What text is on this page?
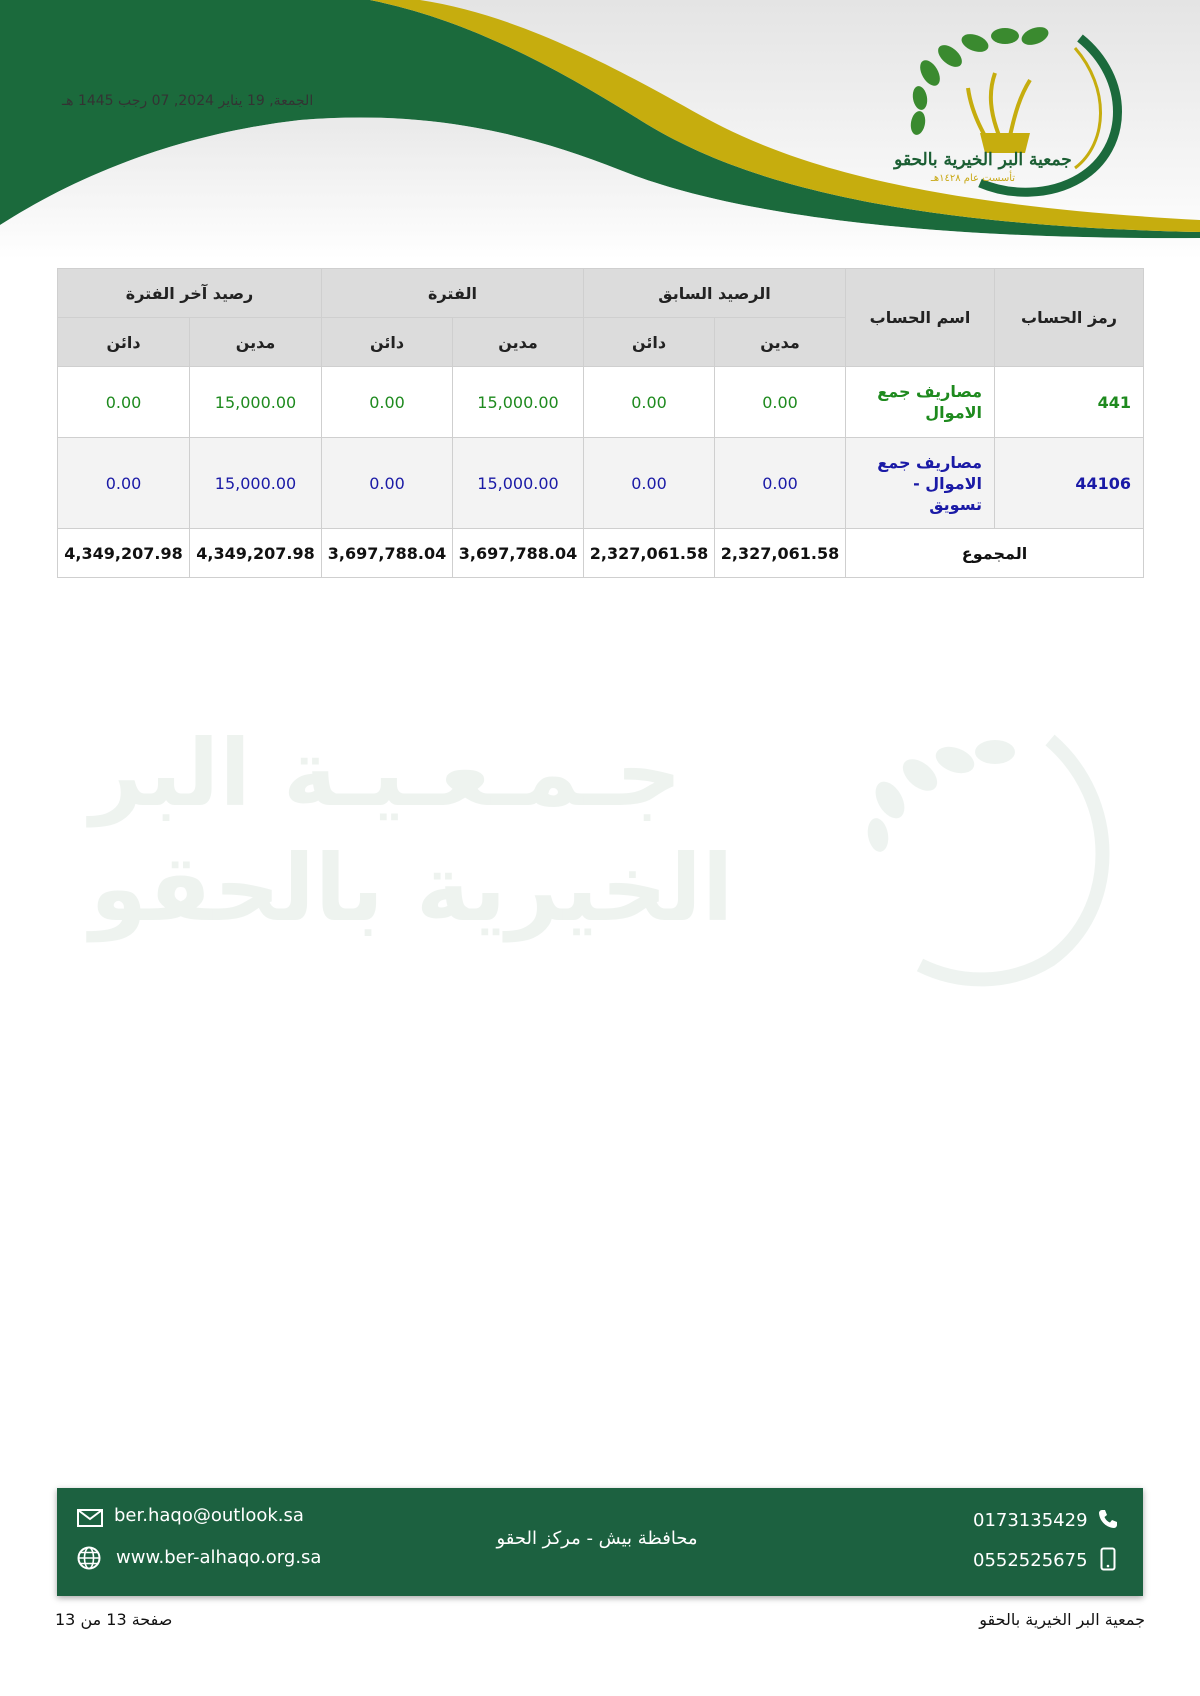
الجمعة, 19 يناير 2024, 07 رجب 1445 هـ
جمعية البر الخيرية بالحقو
تأسست عام ١٤٢٨هـ
جـمـعـيـة البر
الخيرية بالحقو
رمز الحساب	اسم الحساب	الرصيد السابق		الفترة		رصيد آخر الفترة	
		مدين	دائن	مدين	دائن	مدين	دائن
441	مصاريف جمع الاموال	0.00	0.00	15,000.00	0.00	15,000.00	0.00
44106	مصاريف جمع الاموال - تسويق	0.00	0.00	15,000.00	0.00	15,000.00	0.00
المجموع		2,327,061.58	2,327,061.58	3,697,788.04	3,697,788.04	4,349,207.98	4,349,207.98
ber.haqo@outlook.sa
www.ber-alhaqo.org.sa
محافظة بيش - مركز الحقو
0173135429
0552525675
صفحة 13 من 13	جمعية البر الخيرية بالحقو
